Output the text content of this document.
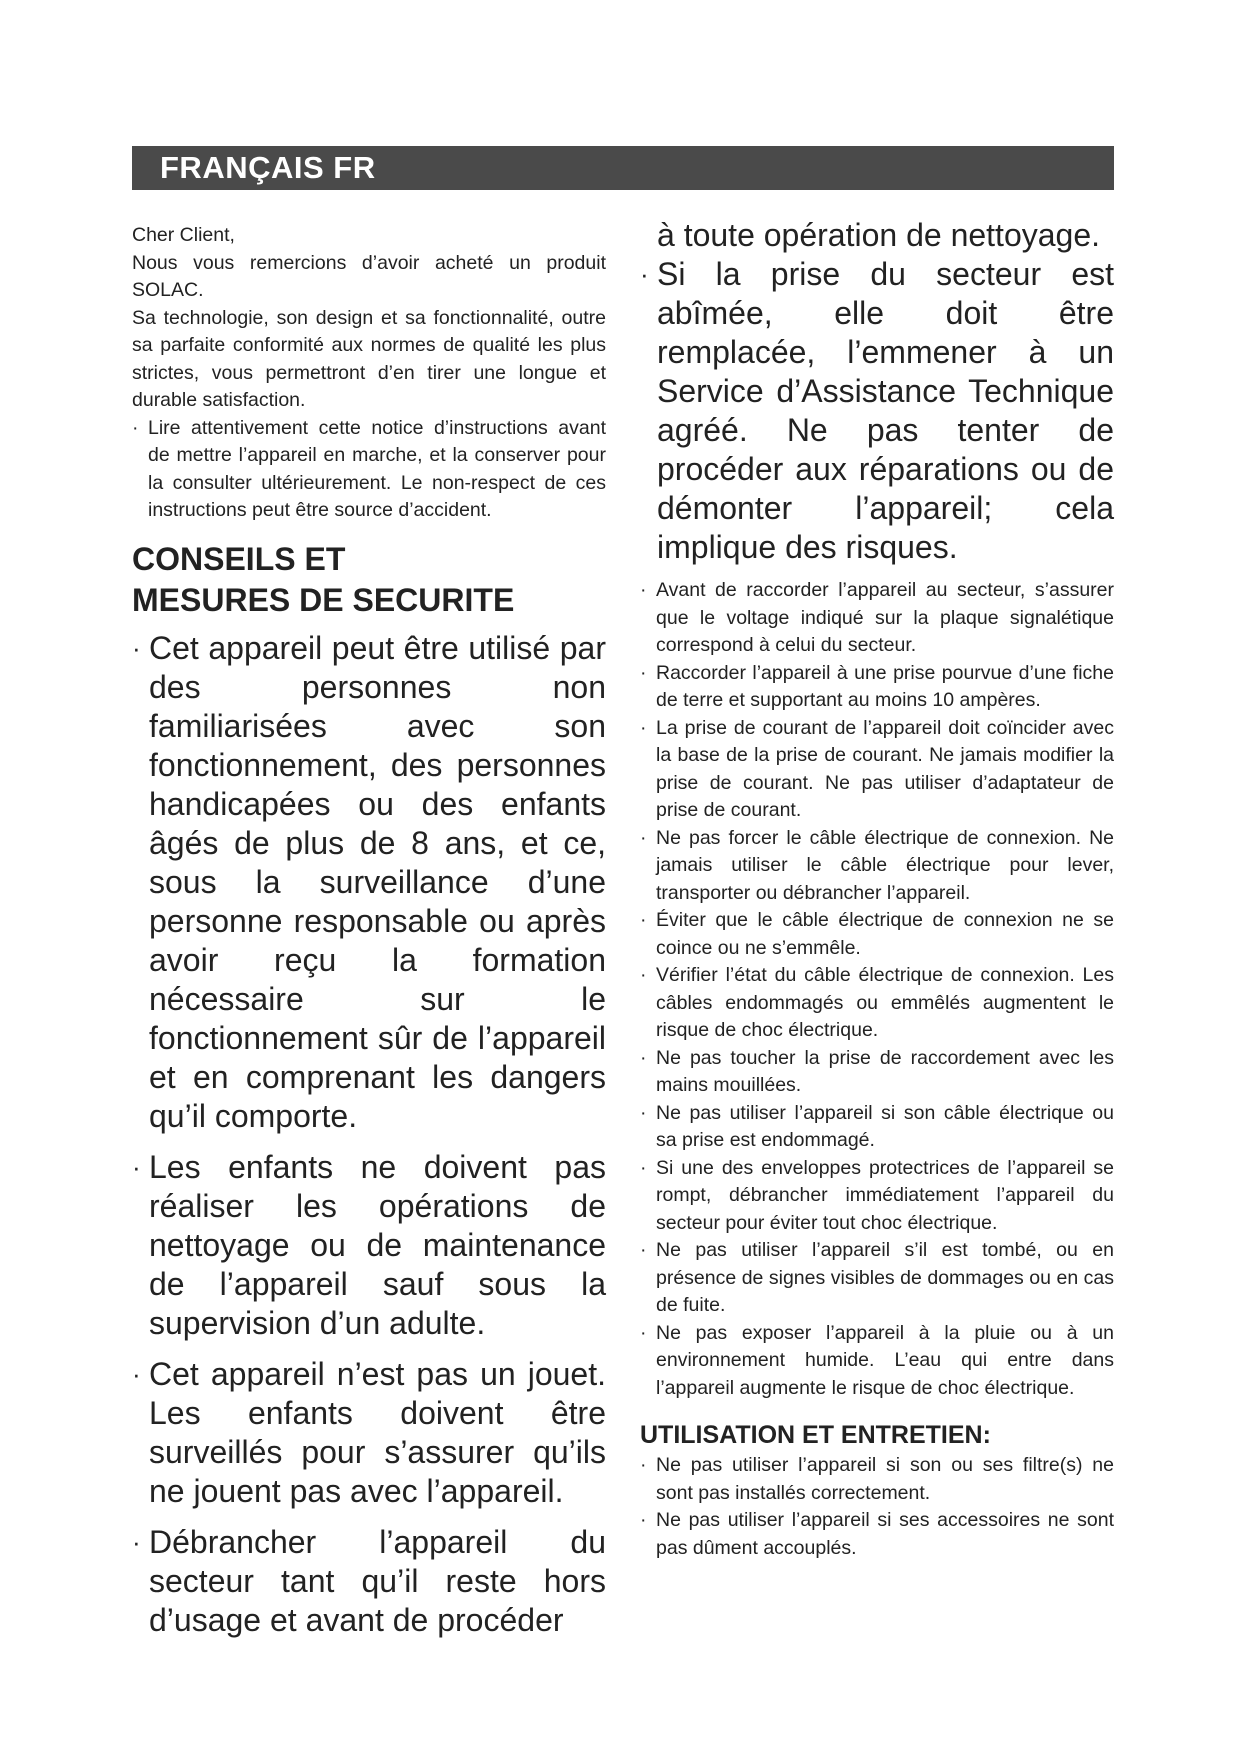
FRANÇAIS FR

Cher Client,

Nous vous remercions d’avoir acheté un produit SOLAC.

Sa technologie, son design et sa fonctionnalité, outre sa parfaite conformité aux normes de qualité les plus strictes, vous permettront d’en tirer une longue et durable satisfaction.

· Lire attentivement cette notice d’instructions avant de mettre l’appareil en marche, et la conserver pour la consulter ultérieurement. Le non-respect de ces instructions peut être source d’accident.
CONSEILS ET
MESURES DE SECURITE
· Cet appareil peut être utilisé par des personnes non familiarisées avec son fonctionnement, des personnes handicapées ou des enfants âgés de plus de 8 ans, et ce, sous la surveillance d’une personne responsable ou après avoir reçu la formation nécessaire sur le fonctionnement sûr de l’appareil et en comprenant les dangers qu’il comporte.
· Les enfants ne doivent pas réaliser les opérations de nettoyage ou de maintenance de l’appareil sauf sous la supervision d’un adulte.
· Cet appareil n’est pas un jouet. Les enfants doivent être surveillés pour s’assurer qu’ils ne jouent pas avec l’appareil.
· Débrancher l’appareil du secteur tant qu’il reste hors d’usage et avant de procéder

à toute opération de nettoyage.

· Si la prise du secteur est abîmée, elle doit être remplacée, l’emmener à un Service d’Assistance Technique agréé. Ne pas tenter de procéder aux réparations ou de démonter l’appareil; cela implique des risques.
· Avant de raccorder l’appareil au secteur, s’assurer que le voltage indiqué sur la plaque signalétique correspond à celui du secteur.
· Raccorder l’appareil à une prise pourvue d’une fiche de terre et supportant au moins 10 ampères.
· La prise de courant de l’appareil doit coïncider avec la base de la prise de courant. Ne jamais modifier la prise de courant. Ne pas utiliser d’adaptateur de prise de courant.
· Ne pas forcer le câble électrique de connexion. Ne jamais utiliser le câble électrique pour lever, transporter ou débrancher l’appareil.
· Éviter que le câble électrique de connexion ne se coince ou ne s’emmêle.
· Vérifier l’état du câble électrique de connexion. Les câbles endommagés ou emmêlés augmentent le risque de choc électrique.
· Ne pas toucher la prise de raccordement avec les mains mouillées.
· Ne pas utiliser l’appareil si son câble électrique ou sa prise est endommagé.
· Si une des enveloppes protectrices de l’appareil se rompt, débrancher immédiatement l’appareil du secteur pour éviter tout choc électrique.
· Ne pas utiliser l’appareil s’il est tombé, ou en présence de signes visibles de dommages ou en cas de fuite.
· Ne pas exposer l’appareil à la pluie ou à un environnement humide. L’eau qui entre dans l’appareil augmente le risque de choc électrique.
UTILISATION ET ENTRETIEN:
· Ne pas utiliser l’appareil si son ou ses filtre(s) ne sont pas installés correctement.
· Ne pas utiliser l’appareil si ses accessoires ne sont pas dûment accouplés.
